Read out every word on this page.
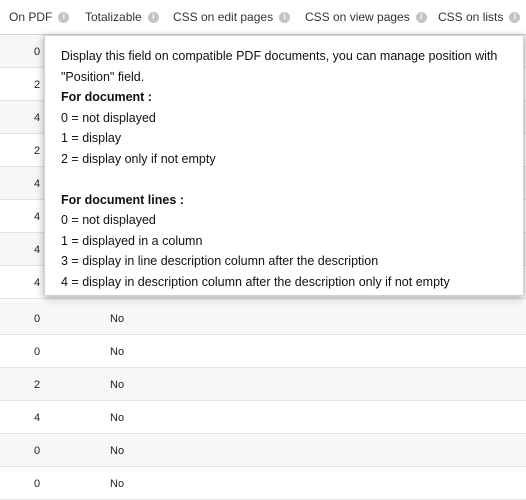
On PDF	i	Totalizable	i	CSS on edit pages	i	CSS on view pages	i	CSS on lists	i
0
2
4
2
4
4
4
4
0	No
0	No
2	No
4	No
0	No
0	No
Display this field on compatible PDF documents, you can manage position with "Position" field.
For document :
0 = not displayed
1 = display
2 = display only if not empty
For document lines :
0 = not displayed
1 = displayed in a column
3 = display in line description column after the description
4 = display in description column after the description only if not empty
